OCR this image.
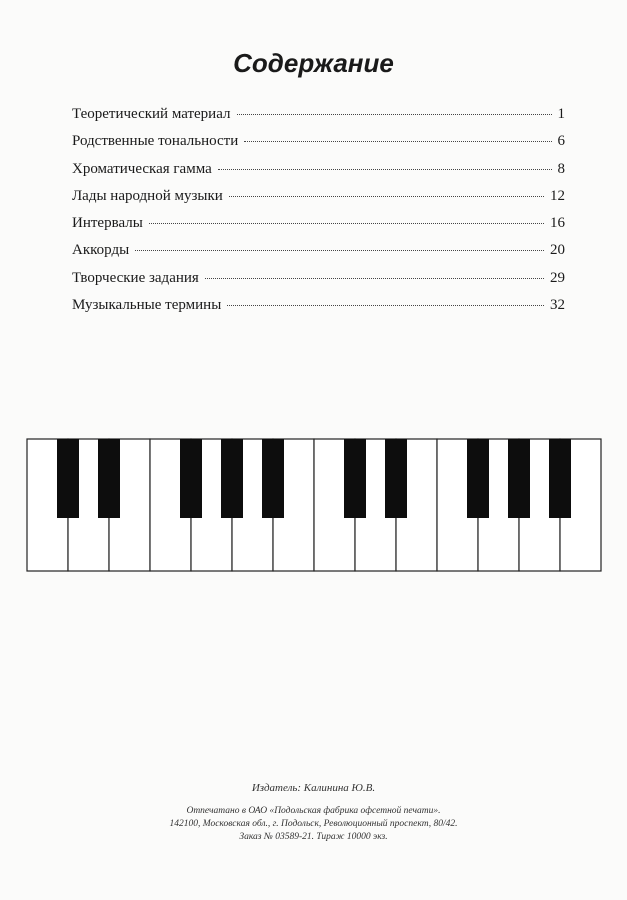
Содержание
Теоретический материал	1
Родственные тональности	6
Хроматическая гамма	8
Лады народной музыки	12
Интервалы	16
Аккорды	20
Творческие задания	29
Музыкальные термины	32
Издатель: Калинина Ю.В.
Отпечатано в ОАО «Подольская фабрика офсетной печати».
142100, Московская обл., г. Подольск, Революционный проспект, 80/42.
Заказ № 03589-21. Тираж 10000 экз.
